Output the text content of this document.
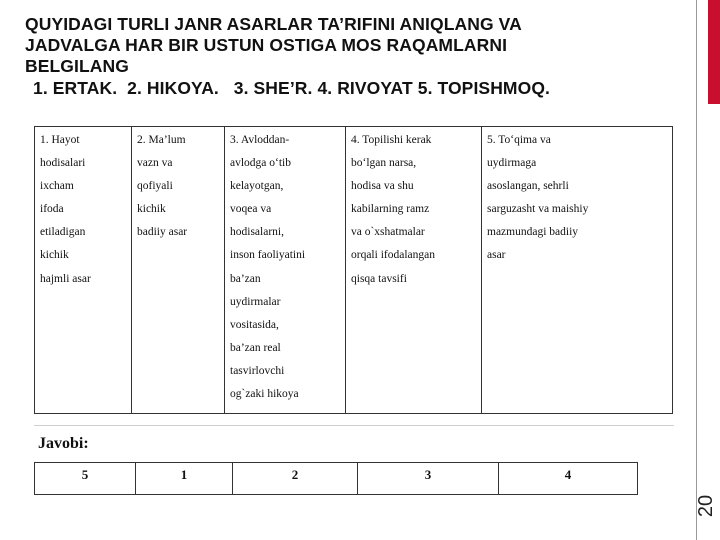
QUYIDAGI TURLI JANR ASARLAR TA’RIFINI ANIQLANG VA
JADVALGA HAR BIR USTUN OSTIGA MOS RAQAMLARNI
BELGILANG
1. ERTAK.  2. HIKOYA.   3. SHE’R. 4. RIVOYAT 5. TOPISHMOQ.
20
1. Hayot
hodisalari
ixcham
ifoda
etiladigan
kichik
hajmli asar

2. Ma’lum
vazn va
qofiyali
kichik
badiiy asar

3. Avloddan-
avlodga o‘tib
kelayotgan,
voqea va
hodisalarni,
inson faoliyatini
ba’zan
uydirmalar
vositasida,
ba’zan real
tasvirlovchi
og`zaki hikoya

4. Topilishi kerak
bo‘lgan narsa,
hodisa va shu
kabilarning ramz
va o`xshatmalar
orqali ifodalangan
qisqa tavsifi

5. To‘qima va
uydirmaga
asoslangan, sehrli
sarguzasht va maishiy
mazmundagi badiiy
asar
Javobi:
5	1	2	3	4
